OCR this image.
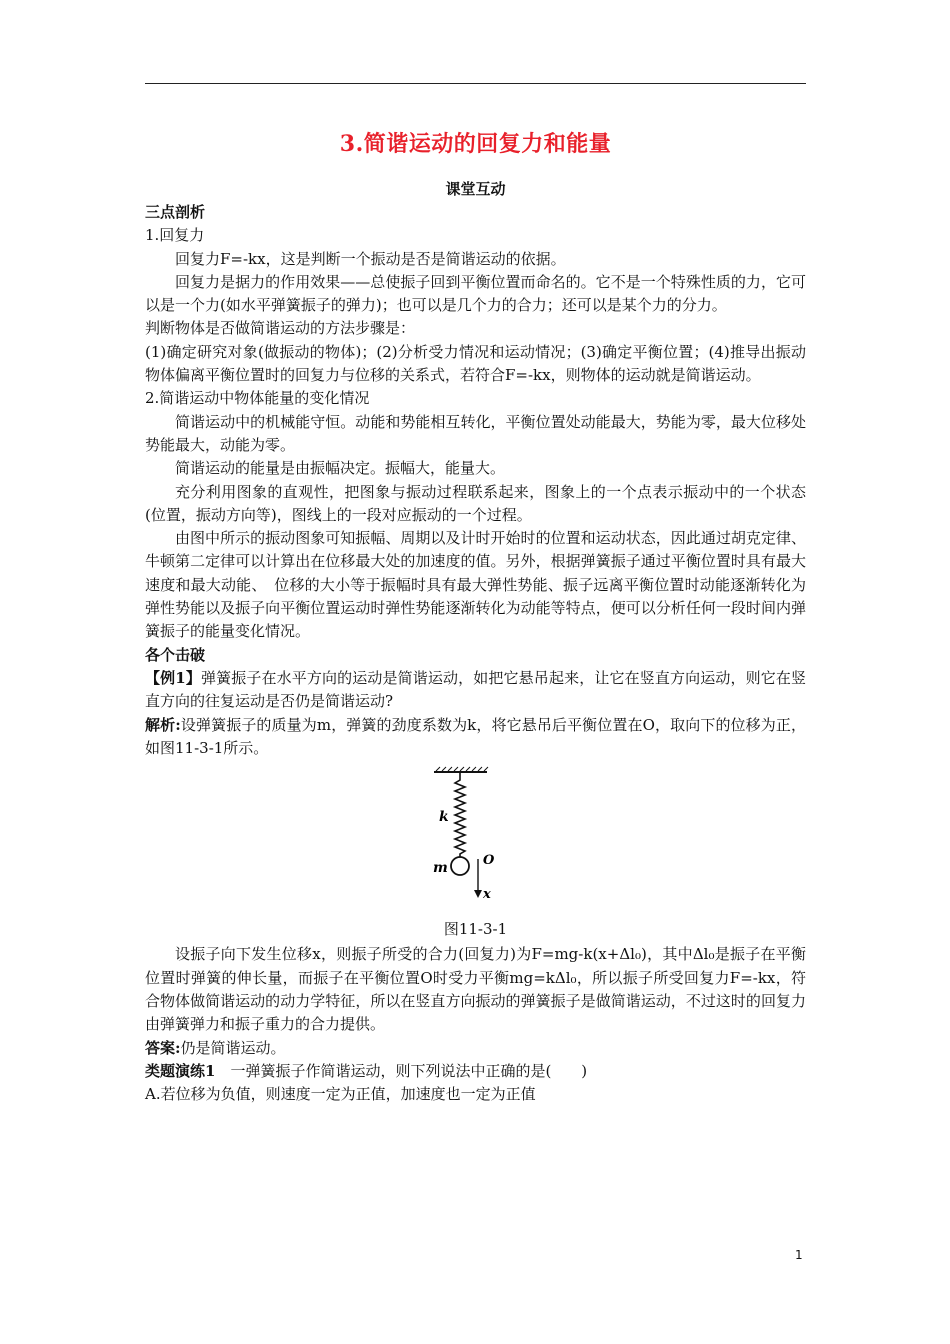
3.简谐运动的回复力和能量
课堂互动
三点剖析

1.回复力

回复力F=-kx，这是判断一个振动是否是简谐运动的依据。

回复力是据力的作用效果——总使振子回到平衡位置而命名的。它不是一个特殊性质的力，它可以是一个力(如水平弹簧振子的弹力)；也可以是几个力的合力；还可以是某个力的分力。

判断物体是否做简谐运动的方法步骤是：

(1)确定研究对象(做振动的物体)；(2)分析受力情况和运动情况；(3)确定平衡位置；(4)推导出振动物体偏离平衡位置时的回复力与位移的关系式，若符合F=-kx，则物体的运动就是简谐运动。

2.简谐运动中物体能量的变化情况

简谐运动中的机械能守恒。动能和势能相互转化，平衡位置处动能最大，势能为零，最大位移处势能最大，动能为零。

简谐运动的能量是由振幅决定。振幅大，能量大。

充分利用图象的直观性，把图象与振动过程联系起来，图象上的一个点表示振动中的一个状态(位置，振动方向等)，图线上的一段对应振动的一个过程。

由图中所示的振动图象可知振幅、周期以及计时开始时的位置和运动状态，因此通过胡克定律、牛顿第二定律可以计算出在位移最大处的加速度的值。另外，根据弹簧振子通过平衡位置时具有最大速度和最大动能、　位移的大小等于振幅时具有最大弹性势能、振子远离平衡位置时动能逐渐转化为弹性势能以及振子向平衡位置运动时弹性势能逐渐转化为动能等特点，便可以分析任何一段时间内弹簧振子的能量变化情况。

各个击破

【例1】弹簧振子在水平方向的运动是简谐运动，如把它悬吊起来，让它在竖直方向运动，则它在竖直方向的往复运动是否仍是简谐运动?

解析:设弹簧振子的质量为m，弹簧的劲度系数为k，将它悬吊后平衡位置在O，取向下的位移为正，如图11-3-1所示。

k
m	O
x
图11-3-1

设振子向下发生位移x，则振子所受的合力(回复力)为F=mg-k(x+Δl₀)，其中Δl₀是振子在平衡位置时弹簧的伸长量，而振子在平衡位置O时受力平衡mg=kΔl₀，所以振子所受回复力F=-kx，符合物体做简谐运动的动力学特征，所以在竖直方向振动的弹簧振子是做简谐运动，不过这时的回复力由弹簧弹力和振子重力的合力提供。

答案:仍是简谐运动。

类题演练1　一弹簧振子作简谐运动，则下列说法中正确的是(　　)

A.若位移为负值，则速度一定为正值，加速度也一定为正值

1
